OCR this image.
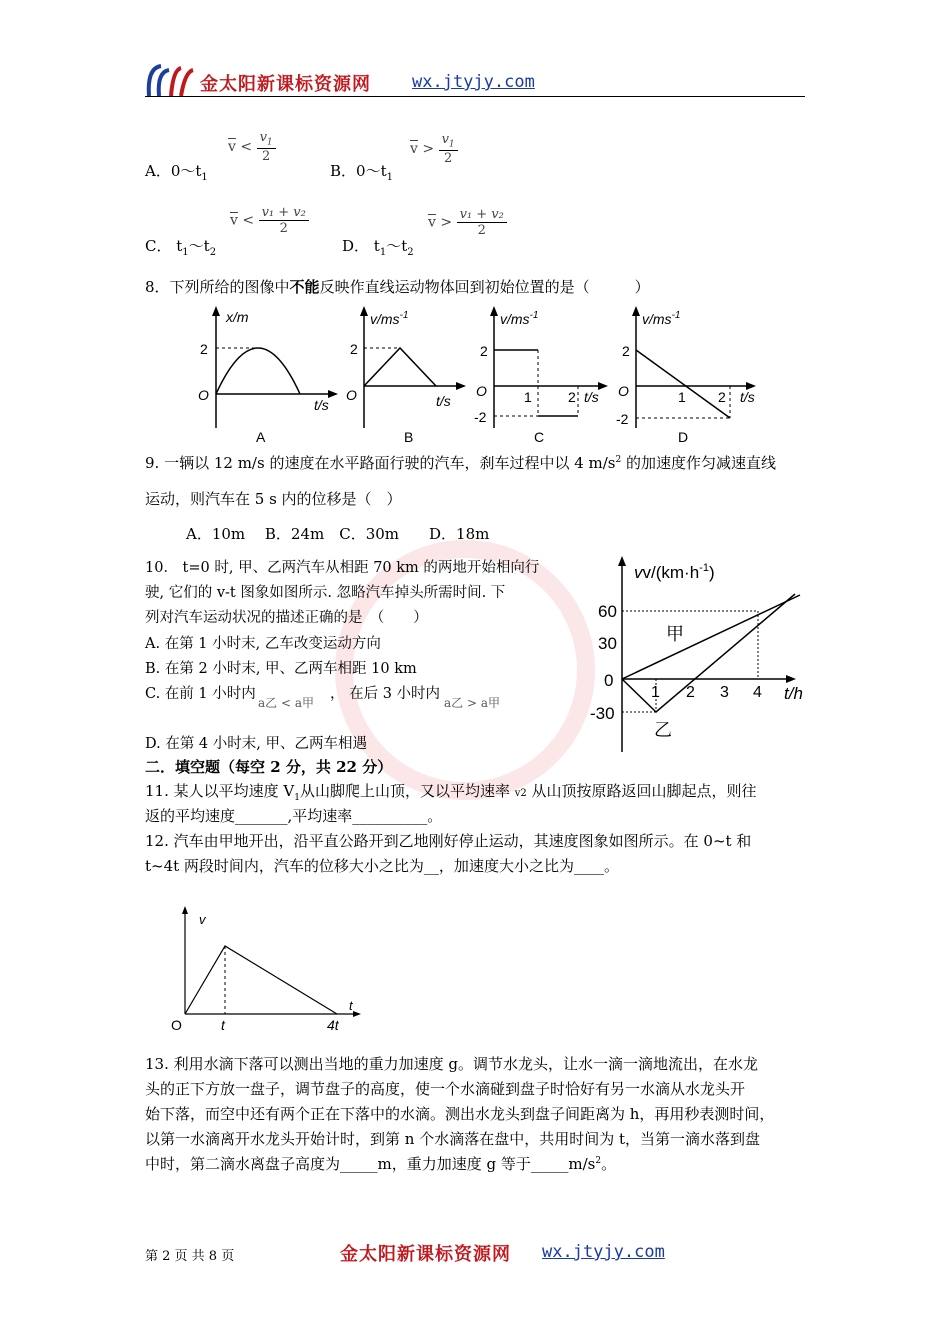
金太阳新课标资源网 wx.jtyjy.com
A．$0\sim t_1$
$\overline{v} < \frac{v_1}{2}$
B．$0\sim t_1$
$\overline{v} > \frac{v_1}{2}$
C． $t_1\sim t_2$
$\overline{v} < \frac{\text{v₁ + v₂}}{2}$
D． $t_1\sim t_2$
$\overline{v} > \frac{\text{v₁ + v₂}}{2}$
8．下列所给的图像中不能反映作直线运动物体回到初始位置的是（　　　）
x/m
2
O
t/s
A
$v/ms^{-1}$
2
O	t/s
B
$v/ms^{-1}$
2
O
-2
1	2 t/s
C
$v/ms^{-1}$
2
O
-2
1 2 t/s
D
9. 一辆以 12 m/s 的速度在水平路面行驶的汽车，刹车过程中以 4 $m/s^2$ 的加速度作匀减速直线
运动，则汽车在 5 s 内的位移是（　）
A．10m　 B．24m　C．30m　　D．18m
10． t=0 时, 甲、乙两汽车从相距 70 km 的两地开始相向行
驶, 它们的 v-t 图象如图所示. 忽略汽车掉头所需时间. 下
列对汽车运动状况的描述正确的是　（　　）
A. 在第 1 小时末, 乙车改变运动方向
B. 在第 2 小时末, 甲、乙两车相距 10 km
C. 在前 1 小时内
a乙 < a甲
， 在后 3 小时内
a乙 > a甲
D. 在第 4 小时末, 甲、乙两车相遇
$vv/(km\cdot h^{-1})$
60
30
0
-30
1 2 3 4 t/h
甲
乙
二．填空题（每空 2 分，共 22 分）
11. 某人以平均速度 $V_1$从山脚爬上山顶，又以平均速率 v2 从山顶按原路返回山脚起点，则往
返的平均速度_______,平均速率__________。
12. 汽车由甲地开出，沿平直公路开到乙地刚好停止运动，其速度图象如图所示。在 0~t 和
t~4t 两段时间内，汽车的位移大小之比为__，加速度大小之比为____。
v
t
O	t	4t
13. 利用水滴下落可以测出当地的重力加速度 g。调节水龙头，让水一滴一滴地流出，在水龙
头的正下方放一盘子，调节盘子的高度，使一个水滴碰到盘子时恰好有另一水滴从水龙头开
始下落，而空中还有两个正在下落中的水滴。测出水龙头到盘子间距离为 h，再用秒表测时间，
以第一水滴离开水龙头开始计时，到第 n 个水滴落在盘中，共用时间为 t，当第一滴水落到盘
中时，第二滴水离盘子高度为_____m，重力加速度 g 等于$\_\_\_\_\_m/s^2$。
第 2 页 共 8 页	金太阳新课标资源网 wx.jtyjy.com
